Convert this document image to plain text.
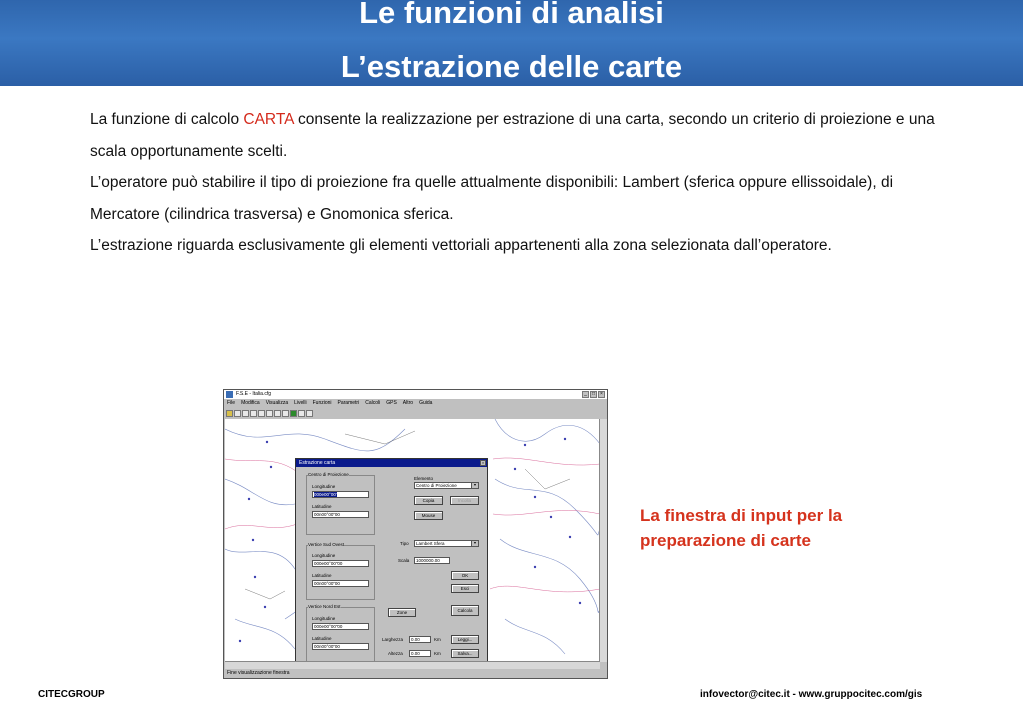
Le funzioni di analisi
L’estrazione delle carte

La funzione di calcolo CARTA consente la realizzazione per estrazione di una carta, secondo un criterio di proiezione e una scala opportunamente scelti.

L’operatore può stabilire il tipo di proiezione fra quelle attualmente disponibili: Lambert (sferica oppure ellissoidale), di Mercatore (cilindrica trasversa) e Gnomonica sferica.

L’estrazione riguarda esclusivamente gli elementi vettoriali appartenenti alla zona selezionata dall’operatore.

F.S.E - Italia.cfg	_	□	×
File Modifica Visualizza Livelli Funzioni Parametri Calcoli GPS Altro Guida
Estrazione carta	×
Centro di Proiezione
Longitudine
000e00°00'
Latitudine
00n00°00"00
Vertice Sud Ovest
Longitudine
000e00°00"00
Latitudine
00n00°00"00
Vertice Nord Est
Longitudine
000e00°00"00
Latitudine
00n00°00"00
Elemento
Centro di Proiezione	▼
Copia	Incolla
Mouse
Tipo	Lambert Sfera	▼
Scala	1000000.00
OK
Esci
Zone	Calcola
Larghezza	0.00	Km
Altezza	0.00	Km
Leggi...
Salva...
Fine visualizzazione finestra
La finestra di input per la preparazione di carte
CITECGROUP	infovector@citec.it - www.gruppocitec.com/gis
